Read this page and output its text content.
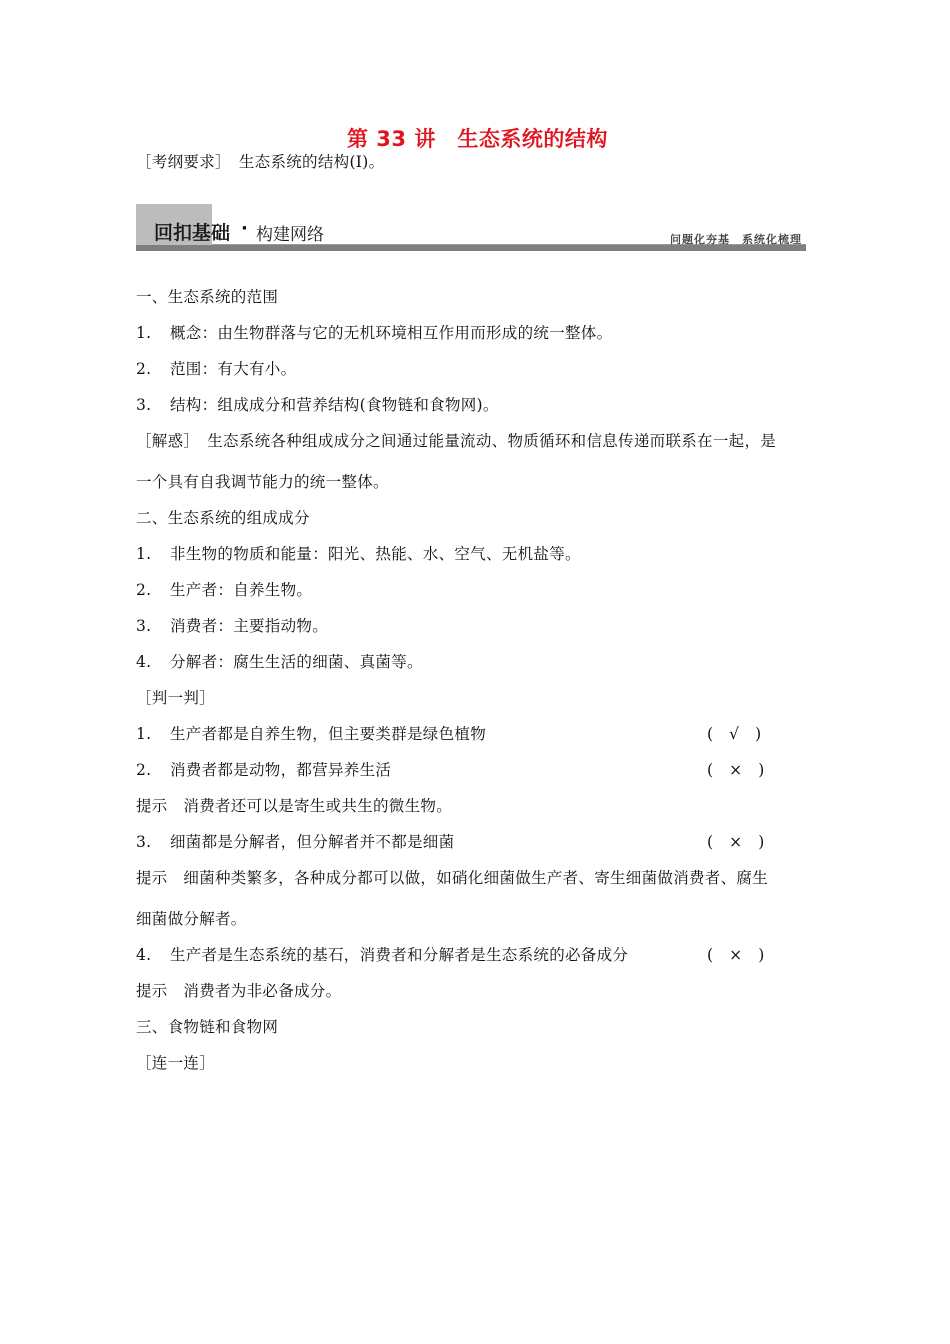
第 33 讲　生态系统的结构
［考纲要求］　生态系统的结构(Ⅰ)。
回扣基础 · 构建网络	问题化夯基　系统化梳理
一、生态系统的范围
1. 概念：由生物群落与它的无机环境相互作用而形成的统一整体。
2. 范围：有大有小。
3. 结构：组成成分和营养结构(食物链和食物网)。
［解惑］　生态系统各种组成成分之间通过能量流动、物质循环和信息传递而联系在一起，是
一个具有自我调节能力的统一整体。
二、生态系统的组成成分
1. 非生物的物质和能量：阳光、热能、水、空气、无机盐等。
2. 生产者：自养生物。
3. 消费者：主要指动物。
4. 分解者：腐生生活的细菌、真菌等。
［判一判］
1. 生产者都是自养生物，但主要类群是绿色植物	(　√　)
2. 消费者都是动物，都营异养生活	(　×　)
提示　消费者还可以是寄生或共生的微生物。
3. 细菌都是分解者，但分解者并不都是细菌	(　×　)
提示　细菌种类繁多，各种成分都可以做，如硝化细菌做生产者、寄生细菌做消费者、腐生
细菌做分解者。
4. 生产者是生态系统的基石，消费者和分解者是生态系统的必备成分	(　×　)
提示　消费者为非必备成分。
三、食物链和食物网
［连一连］
